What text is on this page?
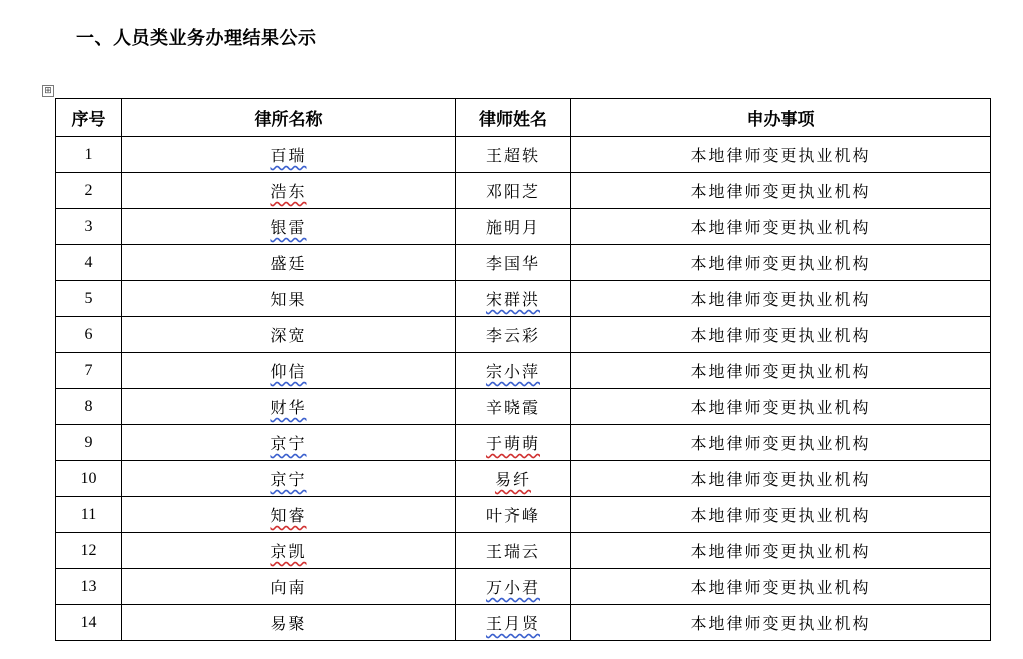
一、人员类业务办理结果公示
⊞
序号	律所名称	律师姓名	申办事项
1	百瑞	王超轶	本地律师变更执业机构
2	浩东	邓阳芝	本地律师变更执业机构
3	银雷	施明月	本地律师变更执业机构
4	盛廷	李国华	本地律师变更执业机构
5	知果	宋群洪	本地律师变更执业机构
6	深宽	李云彩	本地律师变更执业机构
7	仰信	宗小萍	本地律师变更执业机构
8	财华	辛晓霞	本地律师变更执业机构
9	京宁	于萌萌	本地律师变更执业机构
10	京宁	易纤	本地律师变更执业机构
11	知睿	叶齐峰	本地律师变更执业机构
12	京凯	王瑞云	本地律师变更执业机构
13	向南	万小君	本地律师变更执业机构
14	易聚	王月贤	本地律师变更执业机构
